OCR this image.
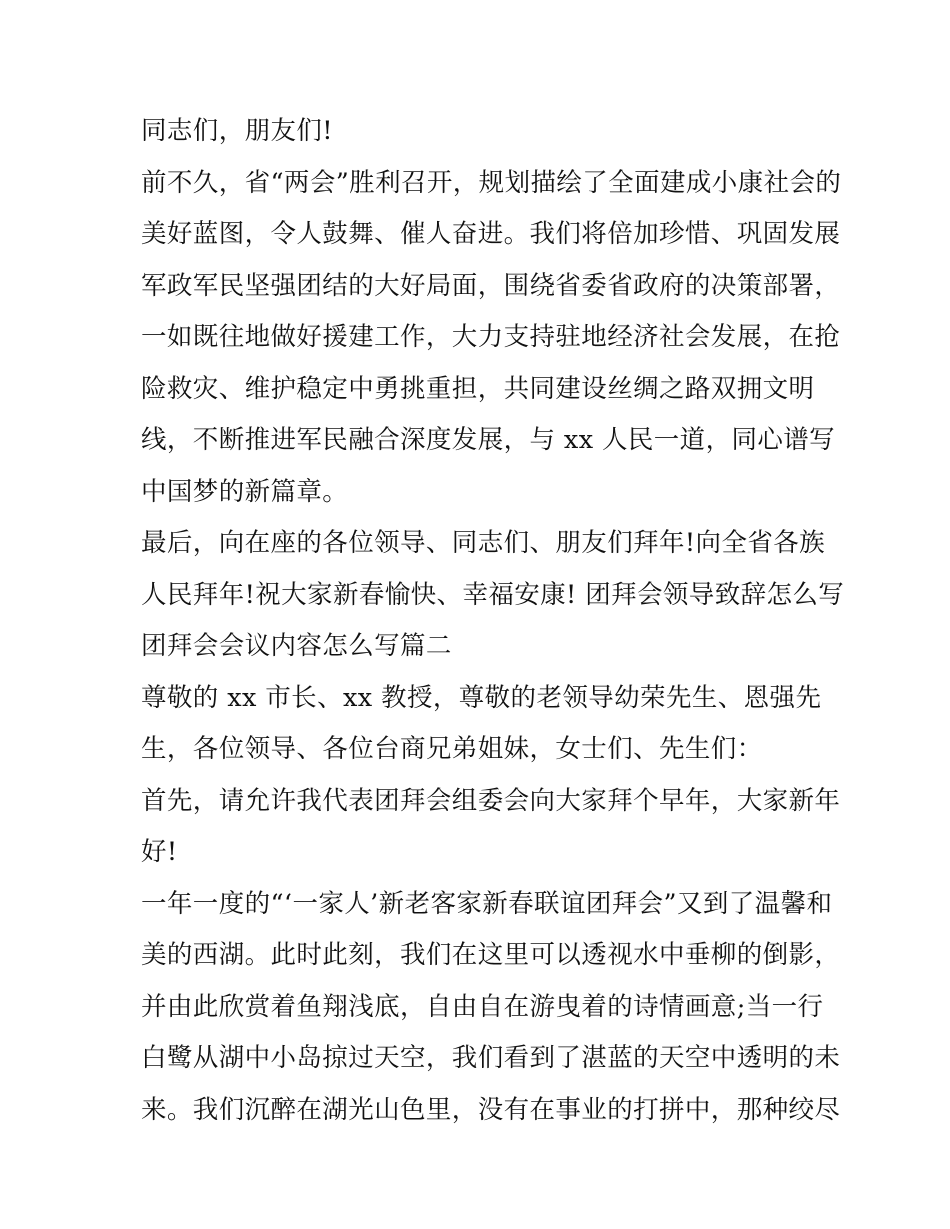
同志们，朋友们!
前不久，省“两会”胜利召开，规划描绘了全面建成小康社会的
美好蓝图，令人鼓舞、催人奋进。我们将倍加珍惜、巩固发展
军政军民坚强团结的大好局面，围绕省委省政府的决策部署，
一如既往地做好援建工作，大力支持驻地经济社会发展，在抢
险救灾、维护稳定中勇挑重担，共同建设丝绸之路双拥文明
线，不断推进军民融合深度发展，与 xx 人民一道，同心谱写
中国梦的新篇章。
最后，向在座的各位领导、同志们、朋友们拜年!向全省各族
人民拜年!祝大家新春愉快、幸福安康! 团拜会领导致辞怎么写
团拜会会议内容怎么写篇二
尊敬的 xx 市长、xx 教授，尊敬的老领导幼荣先生、恩强先
生，各位领导、各位台商兄弟姐妹，女士们、先生们：
首先，请允许我代表团拜会组委会向大家拜个早年，大家新年
好!
一年一度的“‘一家人’新老客家新春联谊团拜会”又到了温馨和
美的西湖。此时此刻，我们在这里可以透视水中垂柳的倒影，
并由此欣赏着鱼翔浅底，自由自在游曳着的诗情画意;当一行
白鹭从湖中小岛掠过天空，我们看到了湛蓝的天空中透明的未
来。我们沉醉在湖光山色里，没有在事业的打拼中，那种绞尽
